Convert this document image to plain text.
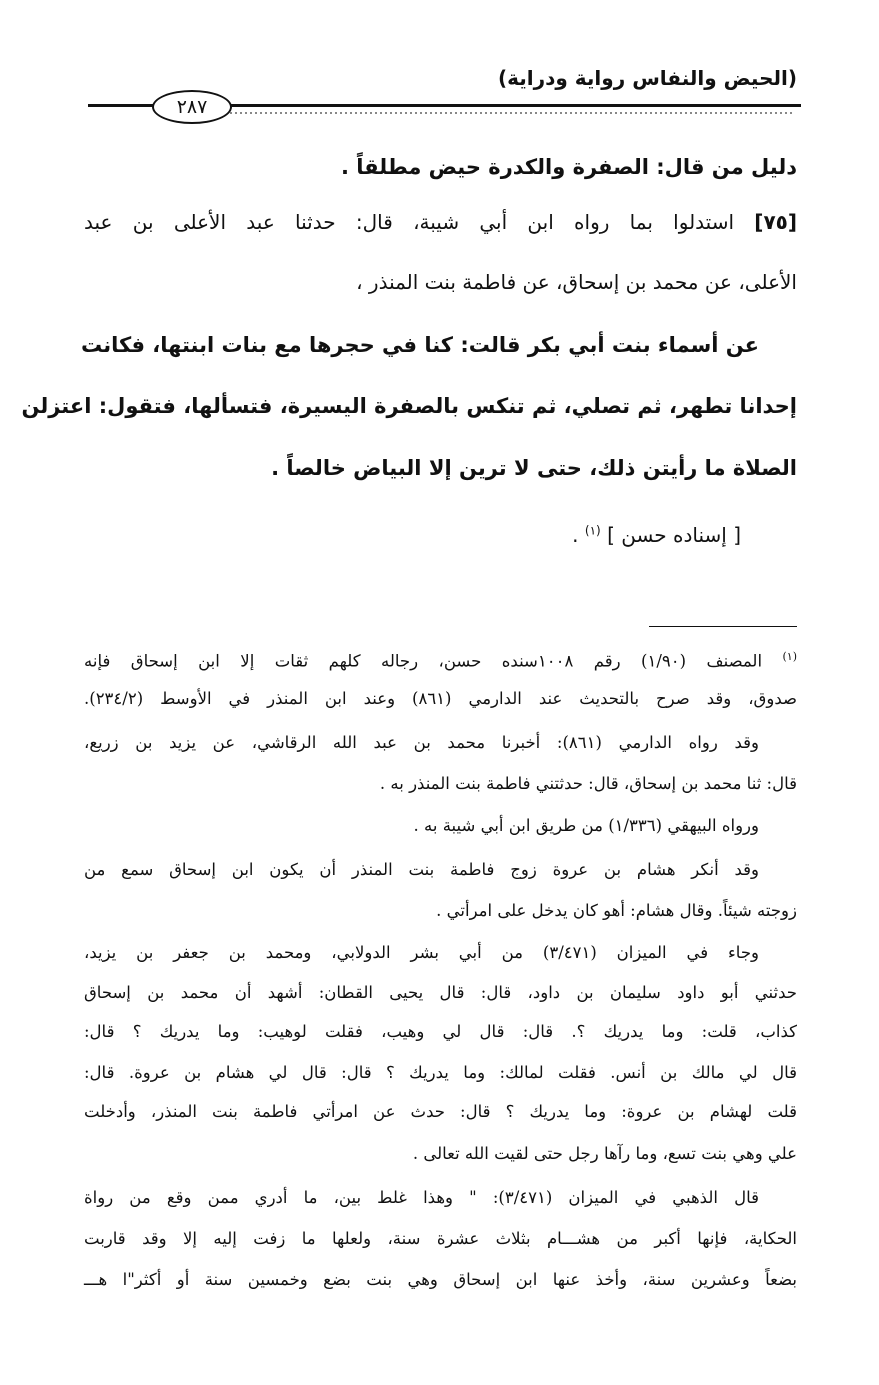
(الحيض والنفاس رواية ودراية)
٢٨٧
دليل من قال: الصفرة والكدرة حيض مطلقاً .
[٧٥] استدلوا بما رواه ابن أبي شيبة، قال: حدثنا عبد الأعلى بن عبد
الأعلى، عن محمد بن إسحاق، عن فاطمة بنت المنذر ،
عن أسماء بنت أبي بكر قالت: كنا في حجرها مع بنات ابنتها، فكانت
إحدانا تطهر، ثم تصلي، ثم تنكس بالصفرة اليسيرة، فتسألها، فتقول: اعتزلن
الصلاة ما رأيتن ذلك، حتى لا ترين إلا البياض خالصاً .
[ إسناده حسن ] $^{(١)}$ .
$^{(١)}$ المصنف (١/٩٠) رقم ١٠٠٨سنده حسن، رجاله كلهم ثقات إلا ابن إسحاق فإنه
صدوق، وقد صرح بالتحديث عند الدارمي (٨٦١) وعند ابن المنذر في الأوسط (٢٣٤/٢).
وقد رواه الدارمي (٨٦١): أخبرنا محمد بن عبد الله الرقاشي، عن يزيد بن زريع،
قال: ثنا محمد بن إسحاق، قال: حدثتني فاطمة بنت المنذر به .
ورواه البيهقي (١/٣٣٦) من طريق ابن أبي شيبة به .
وقد أنكر هشام بن عروة زوج فاطمة بنت المنذر أن يكون ابن إسحاق سمع من
زوجته شيئاً. وقال هشام: أهو كان يدخل على امرأتي .
وجاء في الميزان (٣/٤٧١) من أبي بشر الدولابي، ومحمد بن جعفر بن يزيد،
حدثني أبو داود سليمان بن داود، قال: قال يحيى القطان: أشهد أن محمد بن إسحاق
كذاب، قلت: وما يدريك ؟. قال: قال لي وهيب، فقلت لوهيب: وما يدريك ؟ قال:
قال لي مالك بن أنس. فقلت لمالك: وما يدريك ؟ قال: قال لي هشام بن عروة. قال:
قلت لهشام بن عروة: وما يدريك ؟ قال: حدث عن امرأتي فاطمة بنت المنذر، وأدخلت
علي وهي بنت تسع، وما رآها رجل حتى لقيت الله تعالى .
قال الذهبي في الميزان (٣/٤٧١): " وهذا غلط بين، ما أدري ممن وقع من رواة
الحكاية، فإنها أكبر من هشـــام بثلاث عشرة سنة، ولعلها ما زفت إليه إلا وقد قاربت
بضعاً وعشرين سنة، وأخذ عنها ابن إسحاق وهي بنت بضع وخمسين سنة أو أكثر"ا هـــ
